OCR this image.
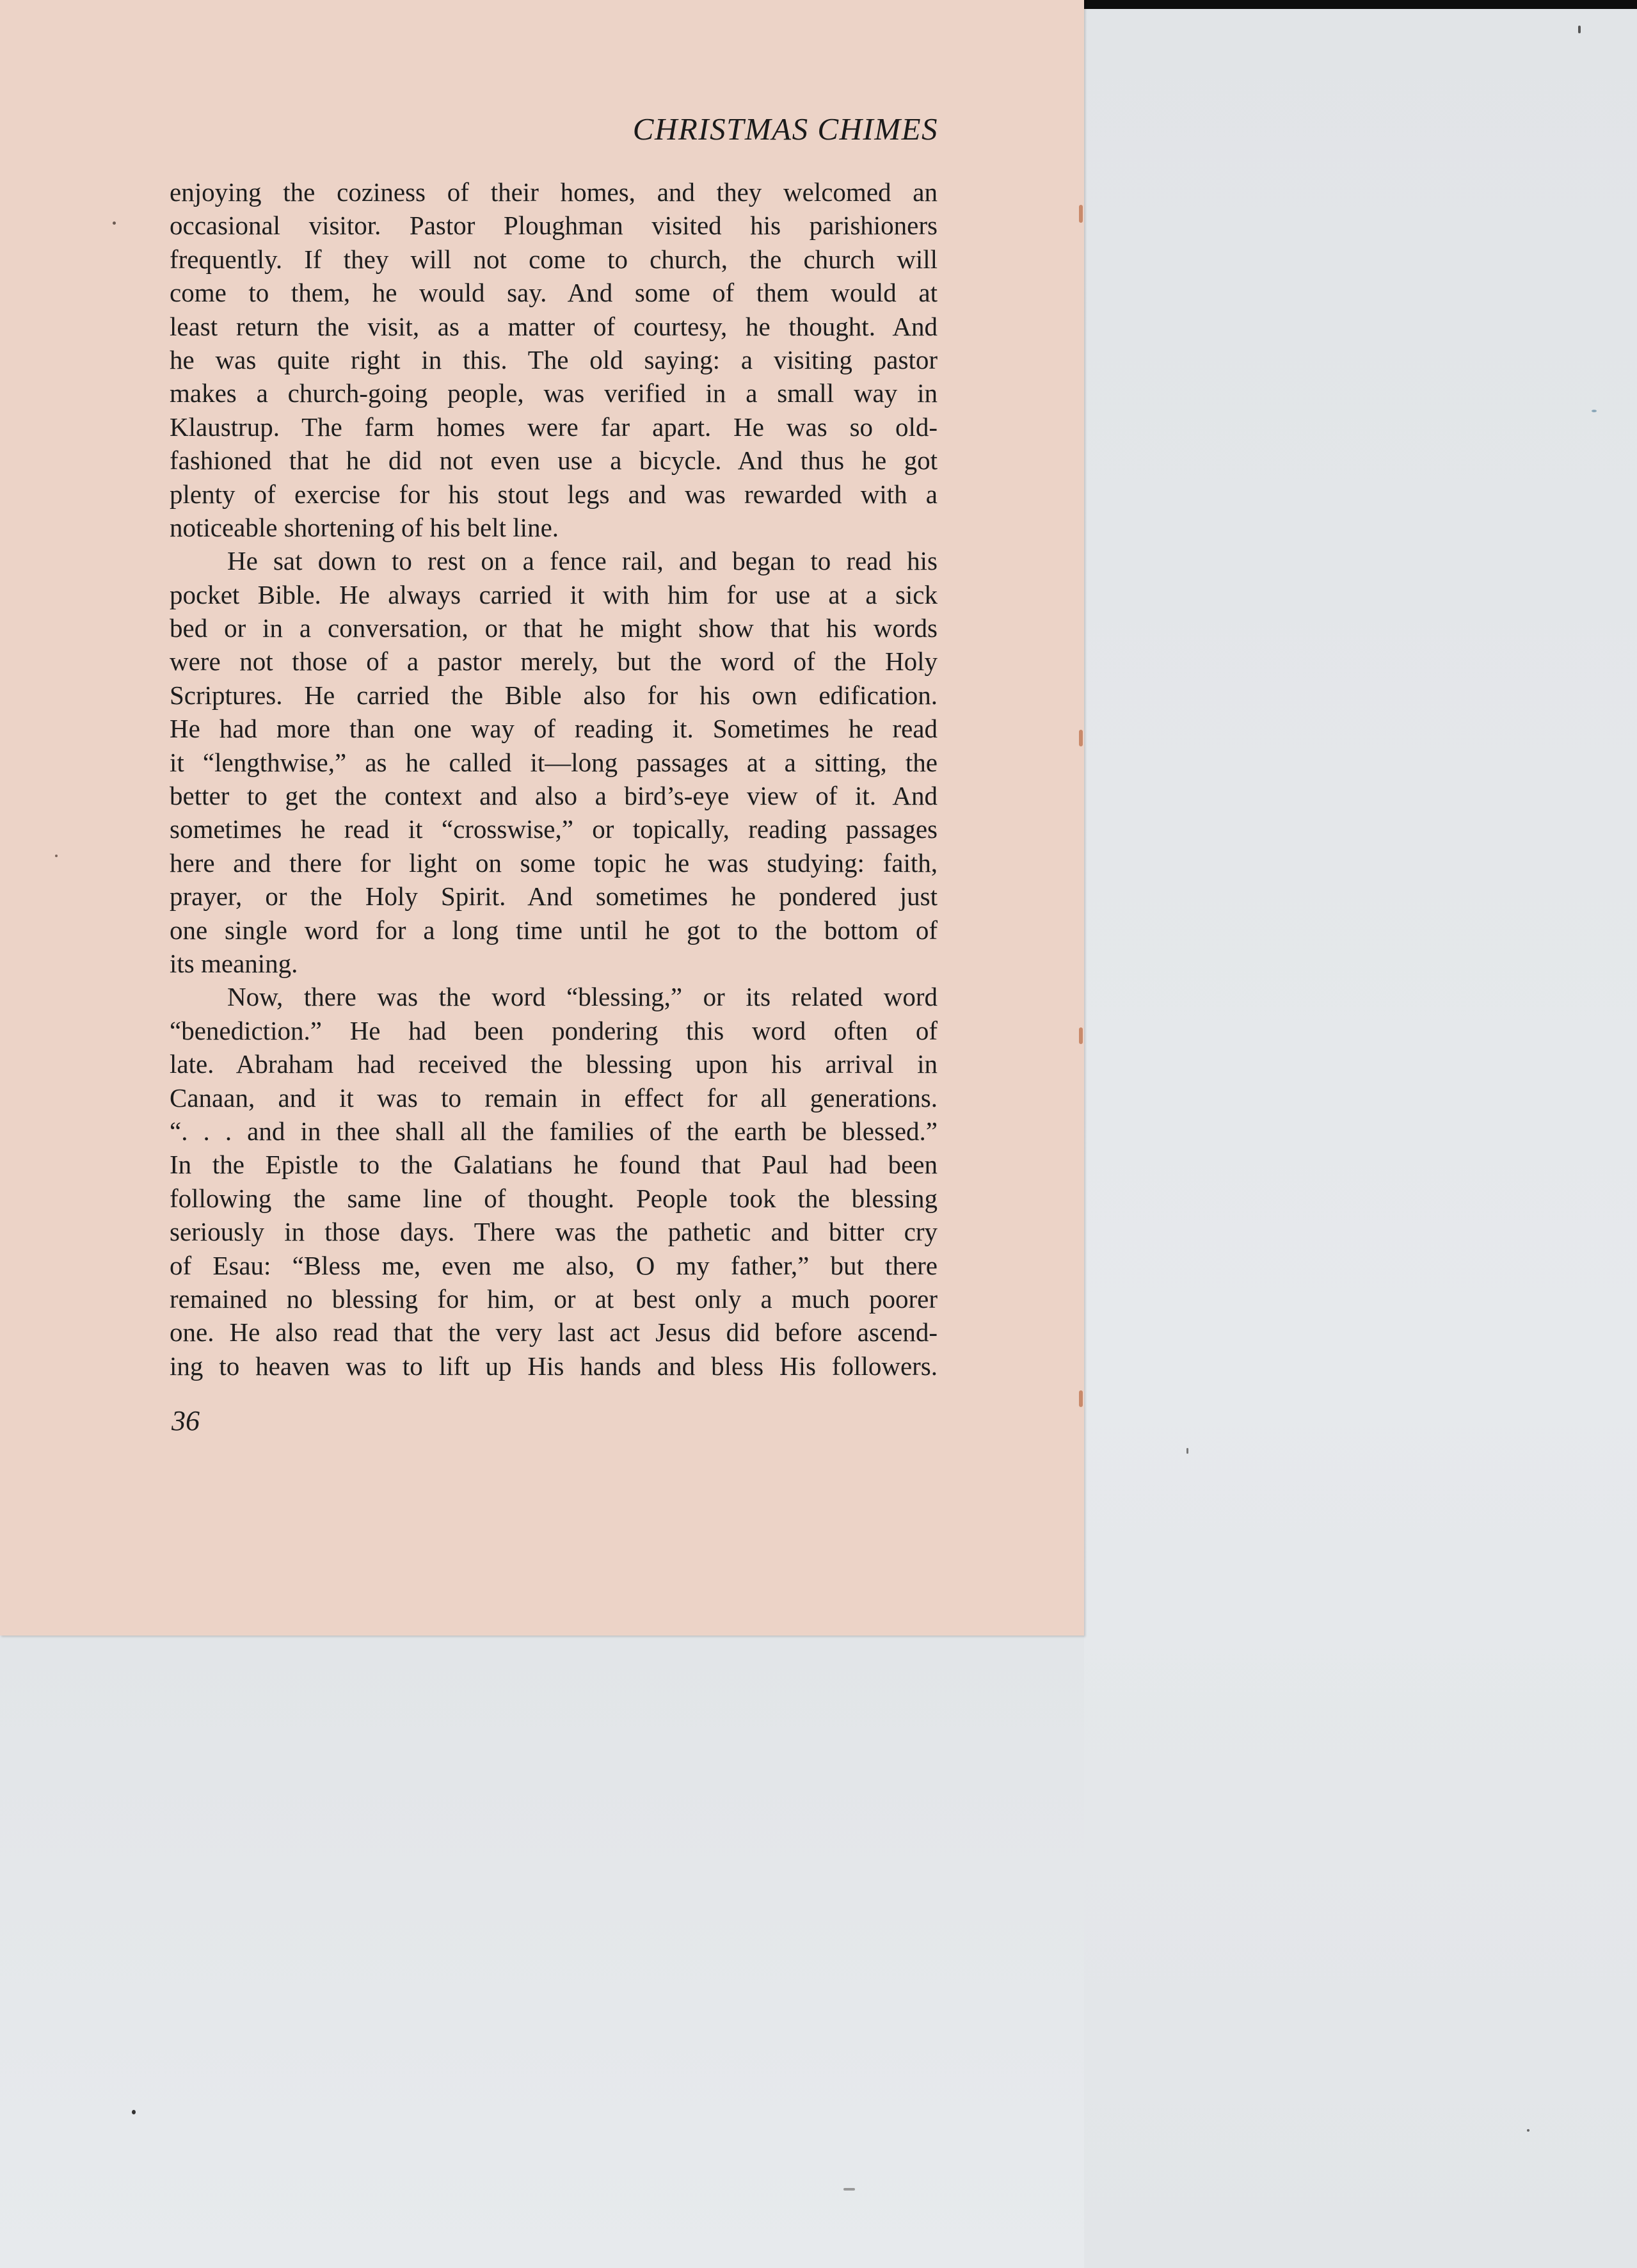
CHRISTMAS CHIMES
enjoying the coziness of their homes, and they welcomed an
occasional visitor. Pastor Ploughman visited his parishioners
frequently. If they will not come to church, the church will
come to them, he would say. And some of them would at
least return the visit, as a matter of courtesy, he thought. And
he was quite right in this. The old saying: a visiting pastor
makes a church-going people, was verified in a small way in
Klaustrup. The farm homes were far apart. He was so old-
fashioned that he did not even use a bicycle. And thus he got
plenty of exercise for his stout legs and was rewarded with a
noticeable shortening of his belt line.
He sat down to rest on a fence rail, and began to read his
pocket Bible. He always carried it with him for use at a sick
bed or in a conversation, or that he might show that his words
were not those of a pastor merely, but the word of the Holy
Scriptures. He carried the Bible also for his own edification.
He had more than one way of reading it. Sometimes he read
it “lengthwise,” as he called it—long passages at a sitting, the
better to get the context and also a bird’s-eye view of it. And
sometimes he read it “crosswise,” or topically, reading passages
here and there for light on some topic he was studying: faith,
prayer, or the Holy Spirit. And sometimes he pondered just
one single word for a long time until he got to the bottom of
its meaning.
Now, there was the word “blessing,” or its related word
“benediction.” He had been pondering this word often of
late. Abraham had received the blessing upon his arrival in
Canaan, and it was to remain in effect for all generations.
“. . . and in thee shall all the families of the earth be blessed.”
In the Epistle to the Galatians he found that Paul had been
following the same line of thought. People took the blessing
seriously in those days. There was the pathetic and bitter cry
of Esau: “Bless me, even me also, O my father,” but there
remained no blessing for him, or at best only a much poorer
one. He also read that the very last act Jesus did before ascend-
ing to heaven was to lift up His hands and bless His followers.
36
